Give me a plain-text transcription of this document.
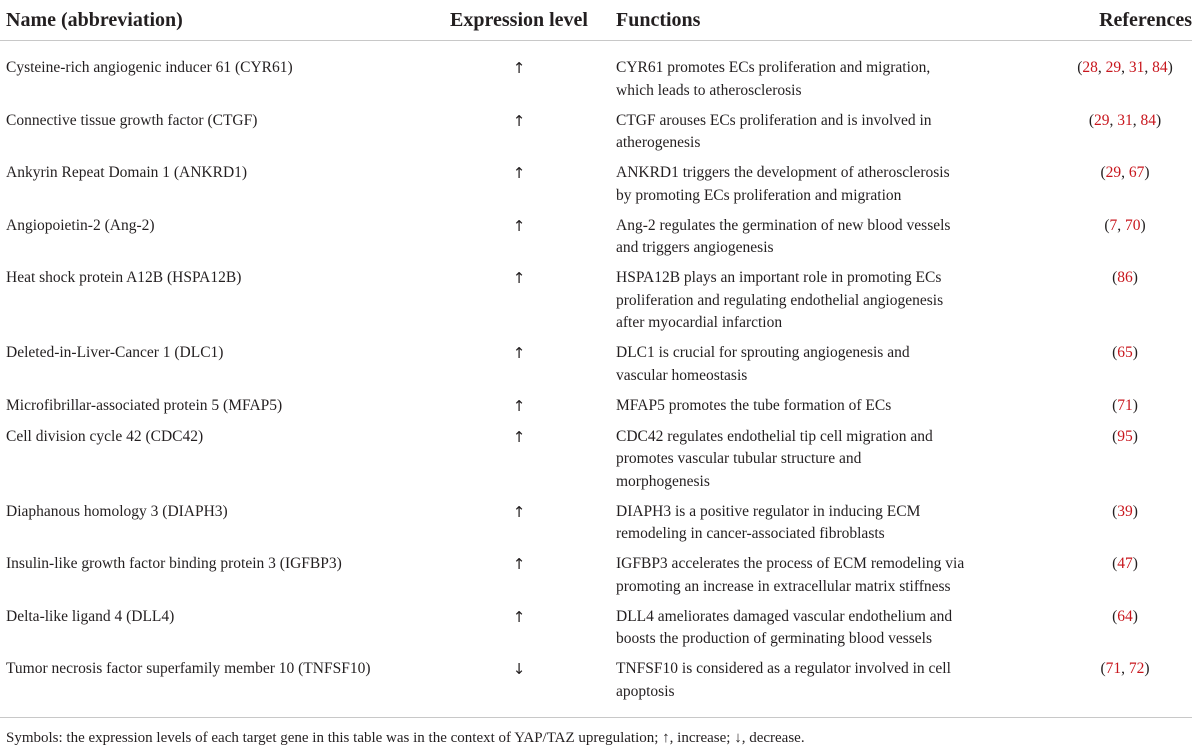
Name (abbreviation)	Expression level	Functions	References
Cysteine-rich angiogenic inducer 61 (CYR61)	↑	CYR61 promotes ECs proliferation and migration,
which leads to atherosclerosis	(28, 29, 31, 84)
Connective tissue growth factor (CTGF)	↑	CTGF arouses ECs proliferation and is involved in
atherogenesis	(29, 31, 84)
Ankyrin Repeat Domain 1 (ANKRD1)	↑	ANKRD1 triggers the development of atherosclerosis
by promoting ECs proliferation and migration	(29, 67)
Angiopoietin-2 (Ang-2)	↑	Ang-2 regulates the germination of new blood vessels
and triggers angiogenesis	(7, 70)
Heat shock protein A12B (HSPA12B)	↑	HSPA12B plays an important role in promoting ECs
proliferation and regulating endothelial angiogenesis
after myocardial infarction	(86)
Deleted-in-Liver-Cancer 1 (DLC1)	↑	DLC1 is crucial for sprouting angiogenesis and
vascular homeostasis	(65)
Microfibrillar-associated protein 5 (MFAP5)	↑	MFAP5 promotes the tube formation of ECs	(71)
Cell division cycle 42 (CDC42)	↑	CDC42 regulates endothelial tip cell migration and
promotes vascular tubular structure and
morphogenesis	(95)
Diaphanous homology 3 (DIAPH3)	↑	DIAPH3 is a positive regulator in inducing ECM
remodeling in cancer-associated fibroblasts	(39)
Insulin-like growth factor binding protein 3 (IGFBP3)	↑	IGFBP3 accelerates the process of ECM remodeling via
promoting an increase in extracellular matrix stiffness	(47)
Delta-like ligand 4 (DLL4)	↑	DLL4 ameliorates damaged vascular endothelium and
boosts the production of germinating blood vessels	(64)
Tumor necrosis factor superfamily member 10 (TNFSF10)	↓	TNFSF10 is considered as a regulator involved in cell
apoptosis	(71, 72)
Symbols: the expression levels of each target gene in this table was in the context of YAP/TAZ upregulation; ↑, increase; ↓, decrease.
